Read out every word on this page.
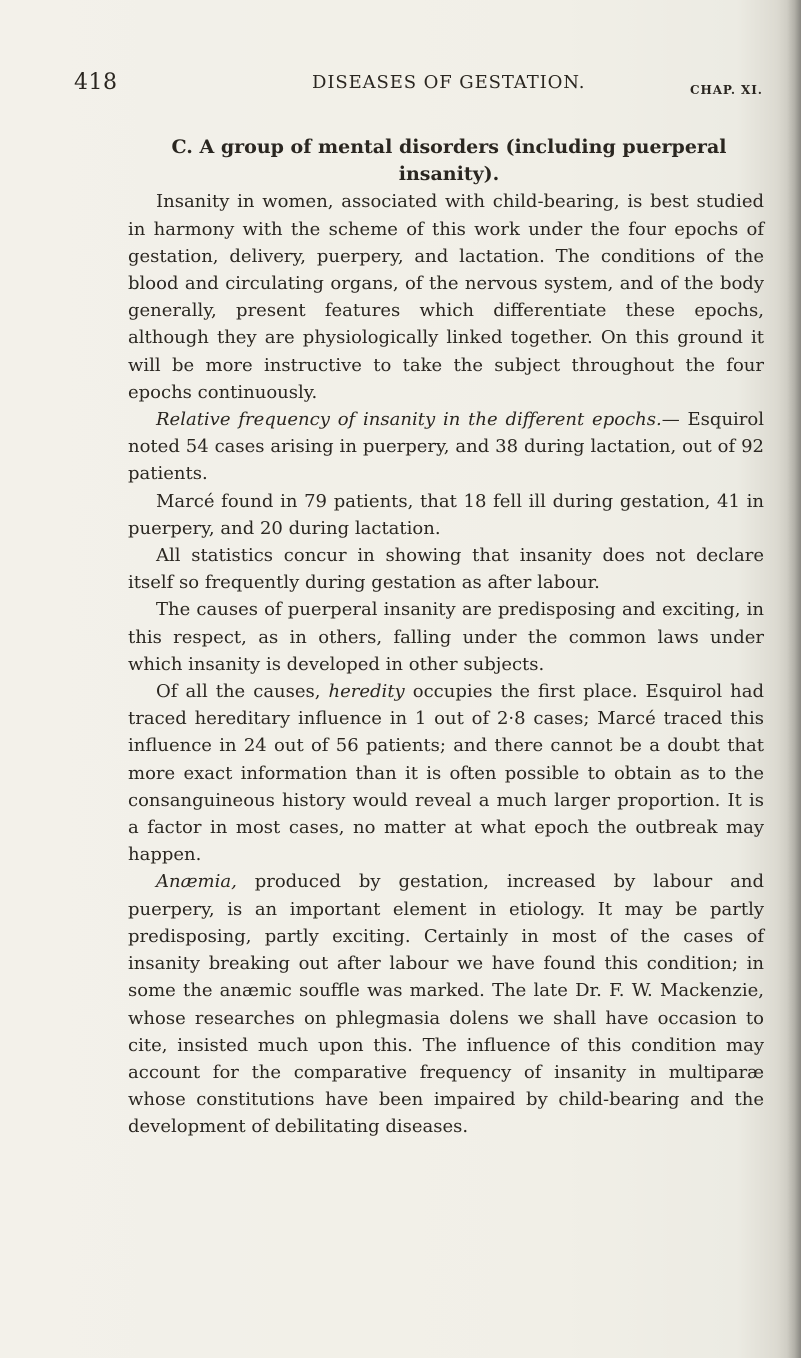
418	DISEASES OF GESTATION.	CHAP. XI.

C. A group of mental disorders (including puerperal insanity).

Insanity in women, associated with child-bearing, is best studied in harmony with the scheme of this work under the four epochs of gestation, delivery, puerpery, and lactation. The conditions of the blood and circulating organs, of the nervous system, and of the body generally, present features which differentiate these epochs, although they are physiologically linked together. On this ground it will be more instructive to take the subject throughout the four epochs continuously.

Relative frequency of insanity in the different epochs.— Esquirol noted 54 cases arising in puerpery, and 38 during lactation, out of 92 patients.

Marcé found in 79 patients, that 18 fell ill during gestation, 41 in puerpery, and 20 during lactation.

All statistics concur in showing that insanity does not declare itself so frequently during gestation as after labour.

The causes of puerperal insanity are predisposing and exciting, in this respect, as in others, falling under the common laws under which insanity is developed in other subjects.

Of all the causes, heredity occupies the first place. Esquirol had traced hereditary influence in 1 out of 2·8 cases; Marcé traced this influence in 24 out of 56 patients; and there cannot be a doubt that more exact information than it is often possible to obtain as to the consanguineous history would reveal a much larger proportion. It is a factor in most cases, no matter at what epoch the outbreak may happen.

Anæmia, produced by gestation, increased by labour and puerpery, is an important element in etiology. It may be partly predisposing, partly exciting. Certainly in most of the cases of insanity breaking out after labour we have found this condition; in some the anæmic souffle was marked. The late Dr. F. W. Mackenzie, whose researches on phlegmasia dolens we shall have occasion to cite, insisted much upon this. The influence of this condition may account for the comparative frequency of insanity in multiparæ whose constitutions have been impaired by child-bearing and the development of debilitating diseases.
